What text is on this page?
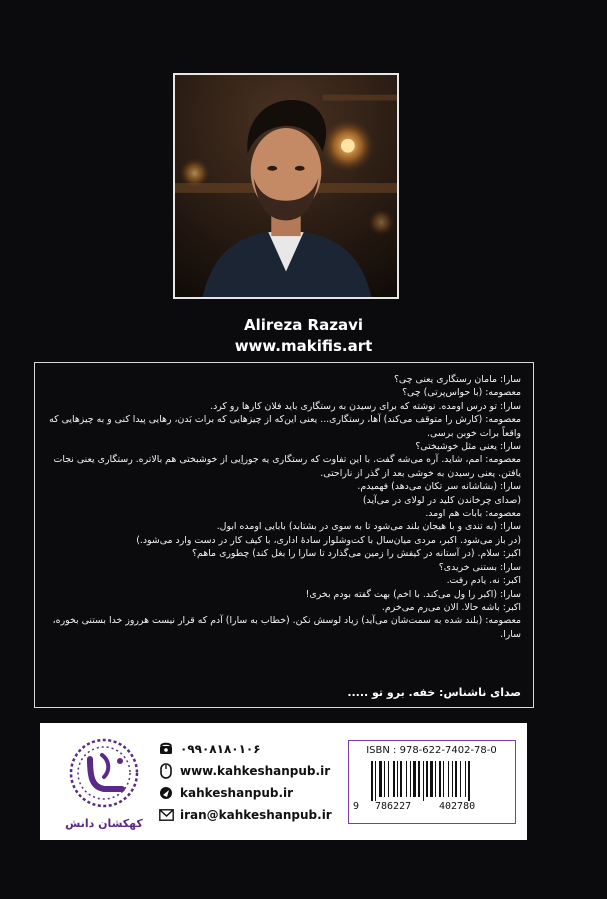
Alireza Razavi
www.makifis.art
سارا: مامان رستگاری یعنی چی؟
معصومه: (با حواس‌پرتی) چی؟
سارا: تو درس اومده. نوشته که برای رسیدن به رستگاری باید فلان کارها رو کرد.
معصومه: (کارش را متوقف می‌کند) آها، رستگاری... یعنی این‌که از چیزهایی که برات بَدن، رهایی پیدا کنی و به چیزهایی که واقعاً برات خوبن برسی.
سارا: یعنی مثل خوشبختی؟
معصومه: امم، شاید. آره می‌شه گفت. با این تفاوت که رستگاری یه جوراِیی از خوشبختی هم بالاتره. رستگاری یعنی نجات یافتن. یعنی رسیدن به خوشی بعد از گذر از ناراحتی.
سارا: (بشاشانه سر تکان می‌دهد) فهمیدم.
(صدای چرخاندن کلید در لولای در می‌آید)
معصومه: بابات هم اومد.
سارا: (به تندی و با هیجان بلند می‌شود تا به سوی در بشتابد) بابایی اومده ابول.
(در باز می‌شود. اکبر، مردی میان‌سال با کت‌وشلوار سادهٔ اداری، با کیف کار در دست وارد می‌شود.)
اکبر: سلام. (در آستانه در کیفش را زمین می‌گذارد تا سارا را بغل کند) چطوری ماهم؟
سارا: بستنی خریدی؟
اکبر: نه. یادم رفت.
سارا: (اکبر را ول می‌کند. با اخم) بهت گفته بودم بخری!
اکبر: باشه حالا. الان می‌رم می‌خرم.
معصومه: (بلند شده به سمت‌شان می‌آید) زیاد لوسش نکن. (خطاب به سارا) آدم که قرار نیست هرروز خدا بستنی بخوره، سارا.
صدای ناشناس: خفه. برو تو .....
کهکشان دانش
۰۹۹۰۸۱۸۰۱۰۶
www.kahkeshanpub.ir
kahkeshanpub.ir
iran@kahkeshanpub.ir
ISBN : 978-622-7402-78-0
9 786227	402780
